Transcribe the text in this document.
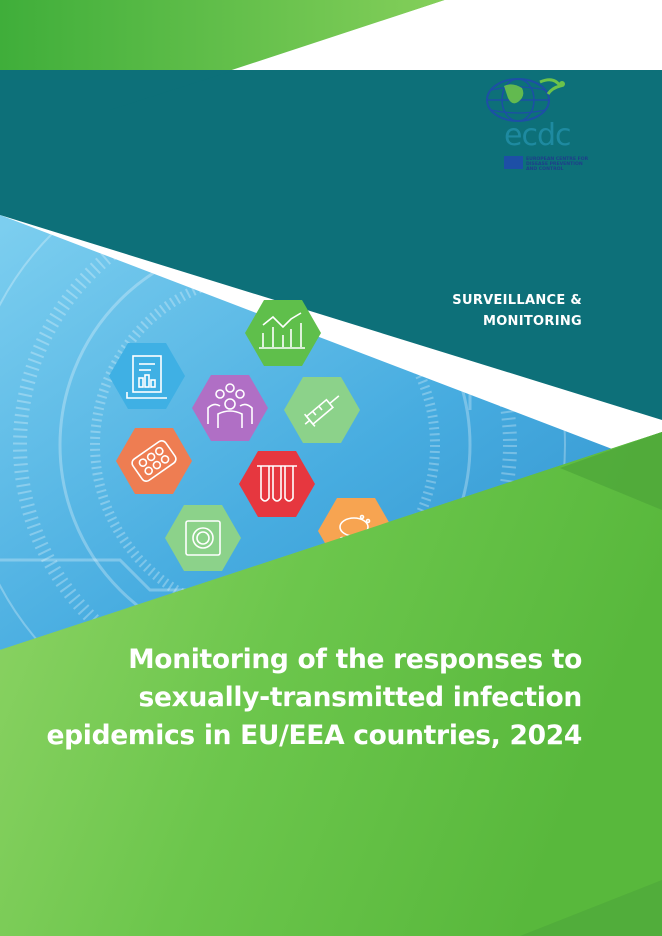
ecdc
EUROPEAN CENTRE FOR DISEASE PREVENTION AND CONTROL
SURVEILLANCE &
MONITORING
Monitoring of the responses to
sexually-transmitted infection
epidemics in EU/EEA countries, 2024
